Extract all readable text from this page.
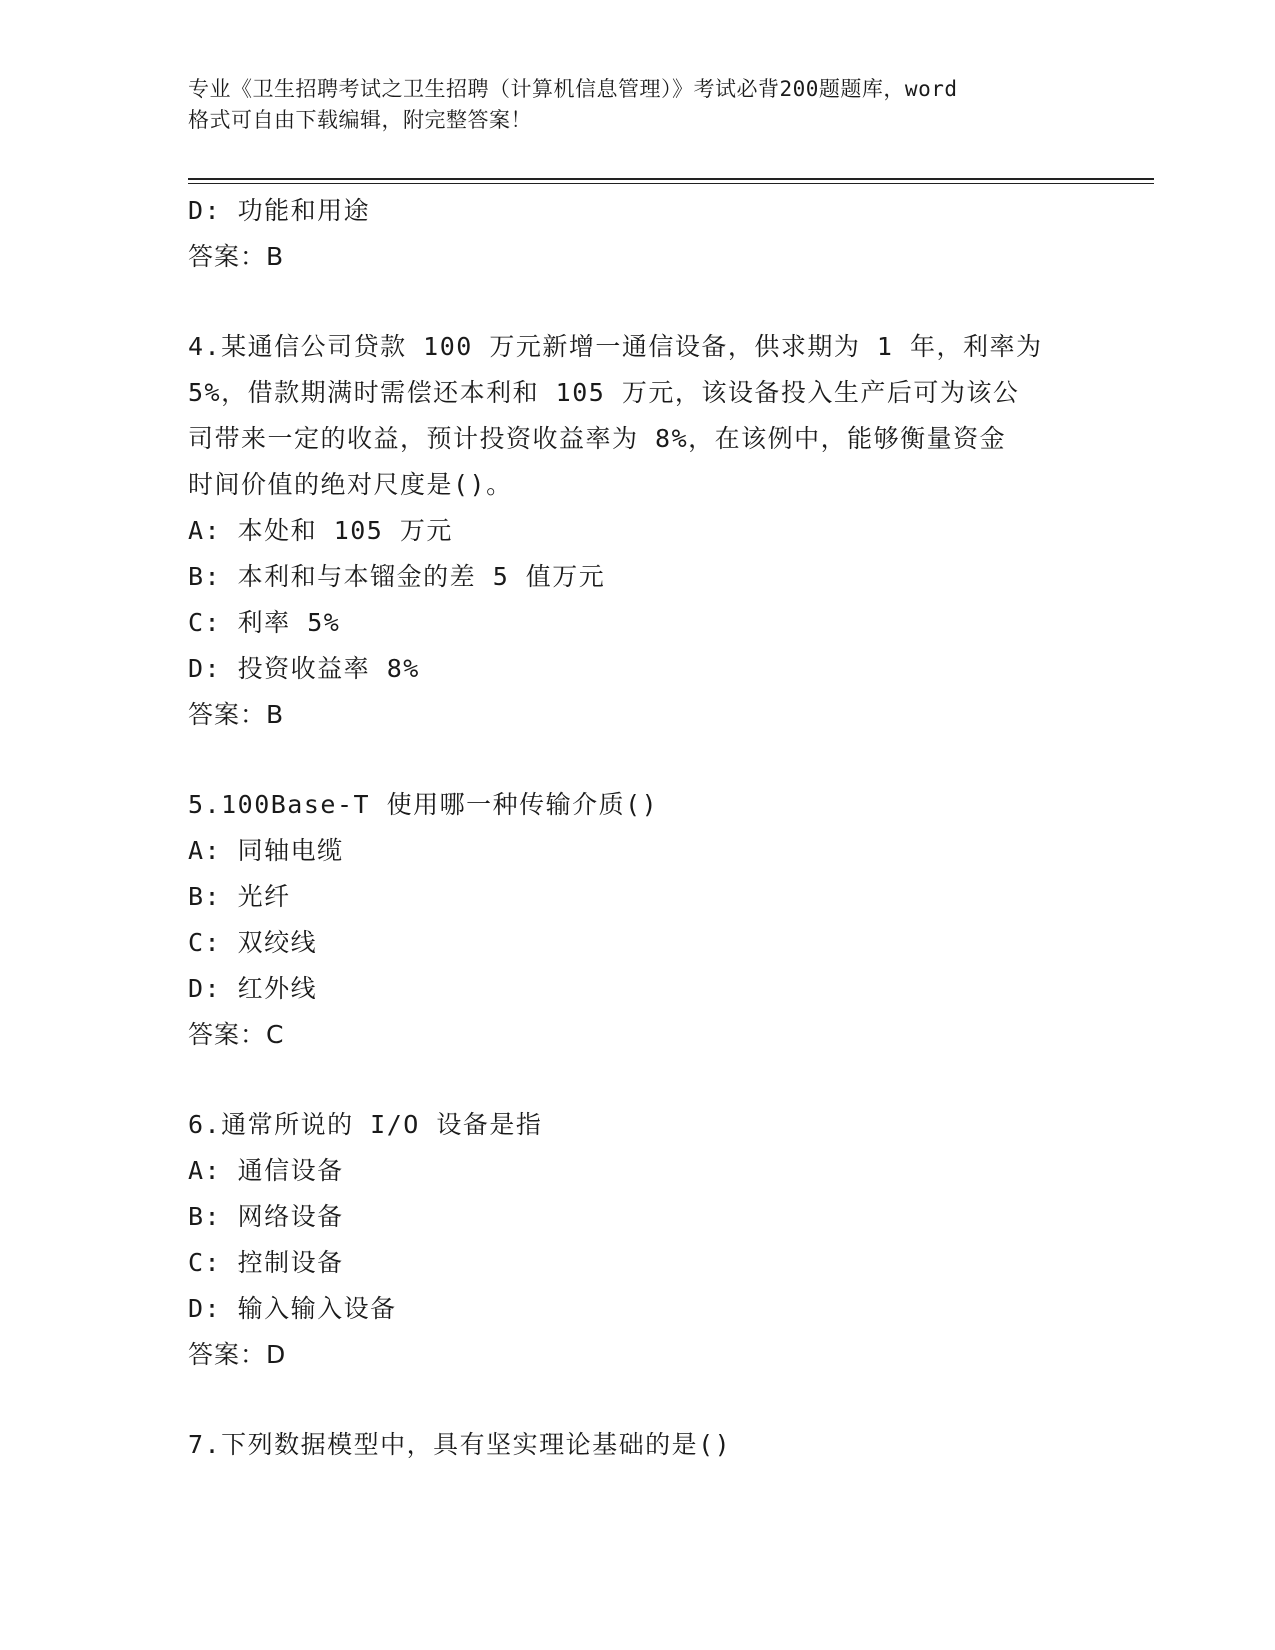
专业《卫生招聘考试之卫生招聘（计算机信息管理）》考试必背200题题库，word
格式可自由下载编辑，附完整答案！
D: 功能和用途
答案：B
4.某通信公司贷款 100 万元新增一通信设备，供求期为 1 年，利率为
5%，借款期满时需偿还本利和 105 万元，该设备投入生产后可为该公
司带来一定的收益，预计投资收益率为 8%，在该例中，能够衡量资金
时间价值的绝对尺度是()。
A: 本处和 105 万元
B: 本利和与本镏金的差 5 值万元
C: 利率 5%
D: 投资收益率 8%
答案：B
5.100Base-T 使用哪一种传输介质()
A: 同轴电缆
B: 光纤
C: 双绞线
D: 红外线
答案：C
6.通常所说的 I/O 设备是指
A: 通信设备
B: 网络设备
C: 控制设备
D: 输入输入设备
答案：D
7.下列数据模型中，具有坚实理论基础的是()
